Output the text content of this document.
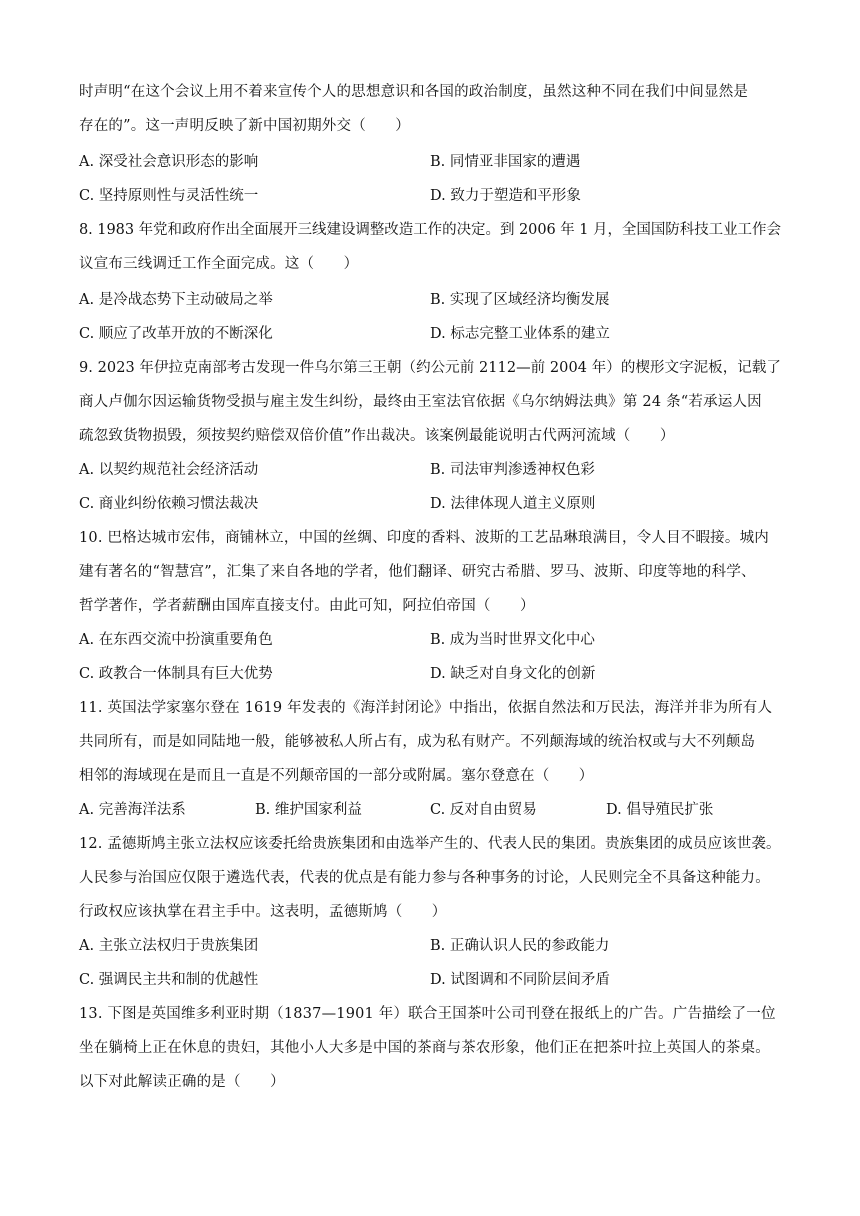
时声明“在这个会议上用不着来宣传个人的思想意识和各国的政治制度，虽然这种不同在我们中间显然是
存在的”。这一声明反映了新中国初期外交（　　）
A. 深受社会意识形态的影响	B. 同情亚非国家的遭遇
C. 坚持原则性与灵活性统一	D. 致力于塑造和平形象
8. 1983 年党和政府作出全面展开三线建设调整改造工作的决定。到 2006 年 1 月，全国国防科技工业工作会
议宣布三线调迁工作全面完成。这（　　）
A. 是冷战态势下主动破局之举	B. 实现了区域经济均衡发展
C. 顺应了改革开放的不断深化	D. 标志完整工业体系的建立
9. 2023 年伊拉克南部考古发现一件乌尔第三王朝（约公元前 2112—前 2004 年）的楔形文字泥板，记载了
商人卢伽尔因运输货物受损与雇主发生纠纷，最终由王室法官依据《乌尔纳姆法典》第 24 条“若承运人因
疏忽致货物损毁，须按契约赔偿双倍价值”作出裁决。该案例最能说明古代两河流域（　　）
A. 以契约规范社会经济活动	B. 司法审判渗透神权色彩
C. 商业纠纷依赖习惯法裁决	D. 法律体现人道主义原则
10. 巴格达城市宏伟，商铺林立，中国的丝绸、印度的香料、波斯的工艺品琳琅满目，令人目不暇接。城内
建有著名的“智慧宫”，汇集了来自各地的学者，他们翻译、研究古希腊、罗马、波斯、印度等地的科学、
哲学著作，学者薪酬由国库直接支付。由此可知，阿拉伯帝国（　　）
A. 在东西交流中扮演重要角色	B. 成为当时世界文化中心
C. 政教合一体制具有巨大优势	D. 缺乏对自身文化的创新
11. 英国法学家塞尔登在 1619 年发表的《海洋封闭论》中指出，依据自然法和万民法，海洋并非为所有人
共同所有，而是如同陆地一般，能够被私人所占有，成为私有财产。不列颠海域的统治权或与大不列颠岛
相邻的海域现在是而且一直是不列颠帝国的一部分或附属。塞尔登意在（　　）
A. 完善海洋法系	B. 维护国家利益	C. 反对自由贸易	D. 倡导殖民扩张
12. 孟德斯鸠主张立法权应该委托给贵族集团和由选举产生的、代表人民的集团。贵族集团的成员应该世袭。
人民参与治国应仅限于遴选代表，代表的优点是有能力参与各种事务的讨论，人民则完全不具备这种能力。
行政权应该执掌在君主手中。这表明，孟德斯鸠（　　）
A. 主张立法权归于贵族集团	B. 正确认识人民的参政能力
C. 强调民主共和制的优越性	D. 试图调和不同阶层间矛盾
13. 下图是英国维多利亚时期（1837—1901 年）联合王国茶叶公司刊登在报纸上的广告。广告描绘了一位
坐在躺椅上正在休息的贵妇，其他小人大多是中国的茶商与茶农形象，他们正在把茶叶拉上英国人的茶桌。
以下对此解读正确的是（　　）
